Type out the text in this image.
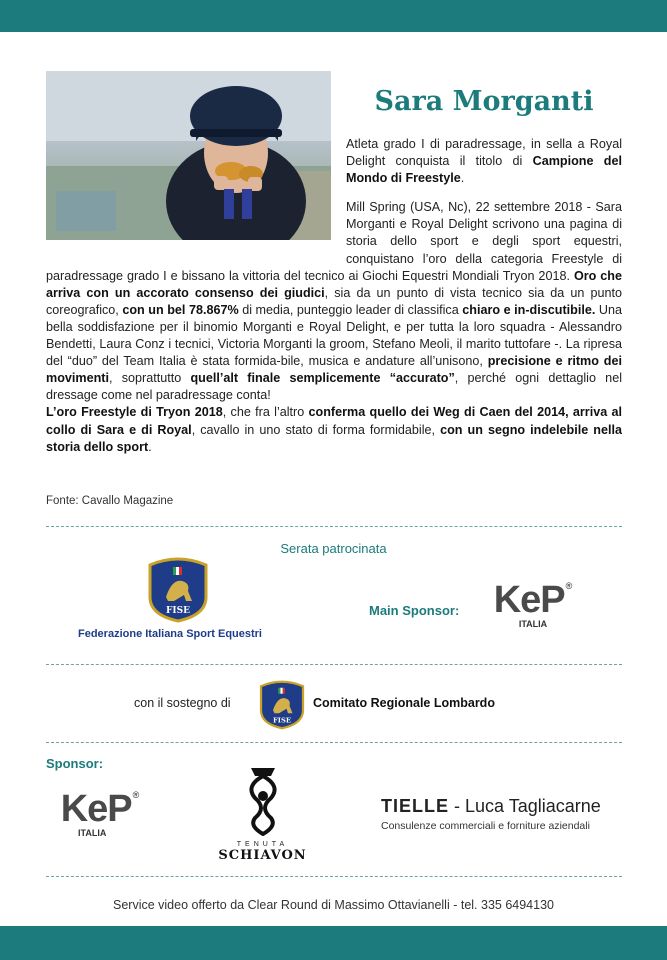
Sara Morganti

Atleta grado I di paradressage, in sella a Royal Delight conquista il titolo di Campione del Mondo di Freestyle.

Mill Spring (USA, Nc), 22 settembre 2018 - Sara Morganti e Royal Delight scrivono una pagina di storia dello sport e degli sport equestri, conquistano l’oro della categoria Freestyle di paradressage grado I e bissano la vittoria del tecnico ai Giochi Equestri Mondiali Tryon 2018. Oro che arriva con un accorato consenso dei giudici, sia da un punto di vista tecnico sia da un punto coreografico, con un bel 78.867% di media, punteggio leader di classifica chiaro e in-discutibile. Una bella soddisfazione per il binomio Morganti e Royal Delight, e per tutta la loro squadra - Alessandro Bendetti, Laura Conz i tecnici, Victoria Morganti la groom, Stefano Meoli, il marito tuttofare -. La ripresa del “duo” del Team Italia è stata formida-bile, musica e andature all’unisono, precisione e ritmo dei movimenti, soprattutto quell’alt finale semplicemente “accurato”, perché ogni dettaglio nel dressage come nel paradressage conta!

L’oro Freestyle di Tryon 2018, che fra l’altro conferma quello dei Weg di Caen del 2014, arriva al collo di Sara e di Royal, cavallo in uno stato di forma formidabile, con un segno indelebile nella storia dello sport.

Fonte: Cavallo Magazine
Serata patrocinata
FISE
Federazione Italiana Sport Equestri
Main Sponsor: KeP®
ITALIA
con il sostegno di
FISE
Comitato Regionale Lombardo
Sponsor:
KeP®
ITALIA
TENUTA
SCHIAVON
TIELLE - Luca Tagliacarne
Consulenze commerciali e forniture aziendali
Service video offerto da Clear Round di Massimo Ottavianelli - tel. 335 6494130
